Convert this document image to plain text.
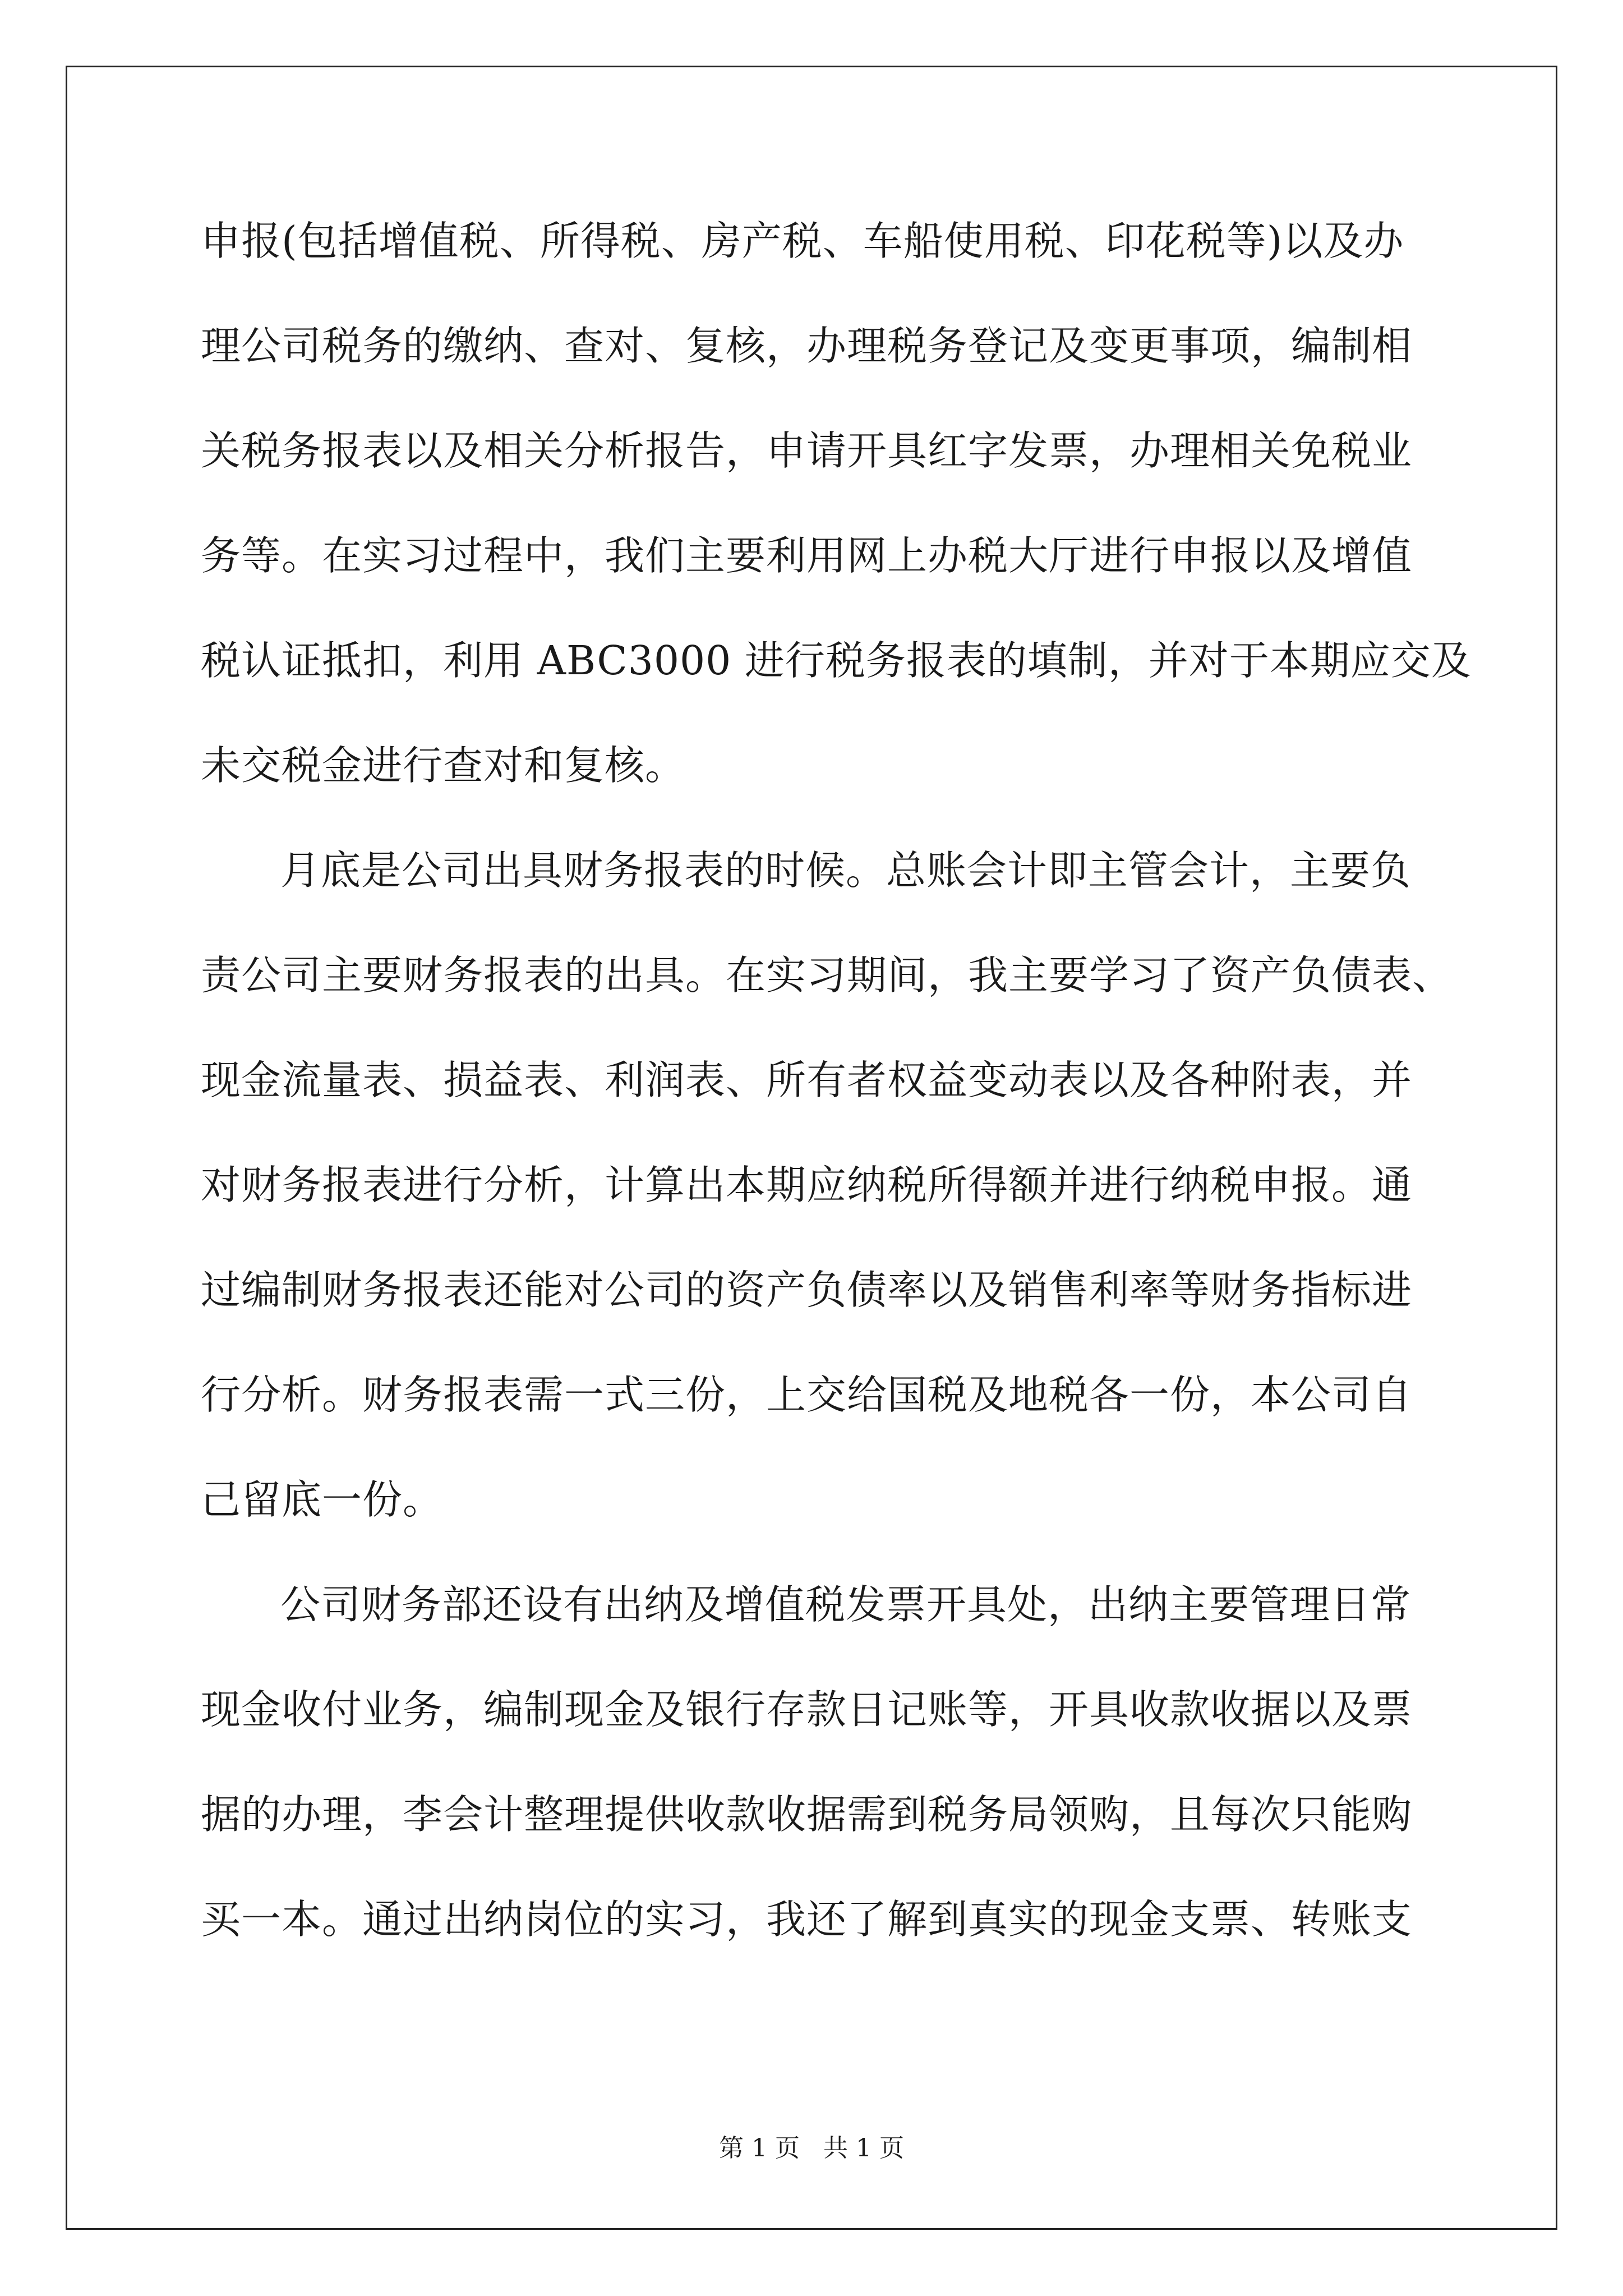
申报(包括增值税、所得税、房产税、车船使用税、印花税等)以及办
理公司税务的缴纳、查对、复核，办理税务登记及变更事项，编制相
关税务报表以及相关分析报告，申请开具红字发票，办理相关免税业
务等。在实习过程中，我们主要利用网上办税大厅进行申报以及增值
税认证抵扣，利用 ABC3000 进行税务报表的填制，并对于本期应交及
未交税金进行查对和复核。
月底是公司出具财务报表的时候。总账会计即主管会计，主要负
责公司主要财务报表的出具。在实习期间，我主要学习了资产负债表、
现金流量表、损益表、利润表、所有者权益变动表以及各种附表，并
对财务报表进行分析，计算出本期应纳税所得额并进行纳税申报。通
过编制财务报表还能对公司的资产负债率以及销售利率等财务指标进
行分析。财务报表需一式三份，上交给国税及地税各一份，本公司自
己留底一份。
公司财务部还设有出纳及增值税发票开具处，出纳主要管理日常
现金收付业务，编制现金及银行存款日记账等，开具收款收据以及票
据的办理，李会计整理提供收款收据需到税务局领购，且每次只能购
买一本。通过出纳岗位的实习，我还了解到真实的现金支票、转账支
第 1 页   共 1 页
